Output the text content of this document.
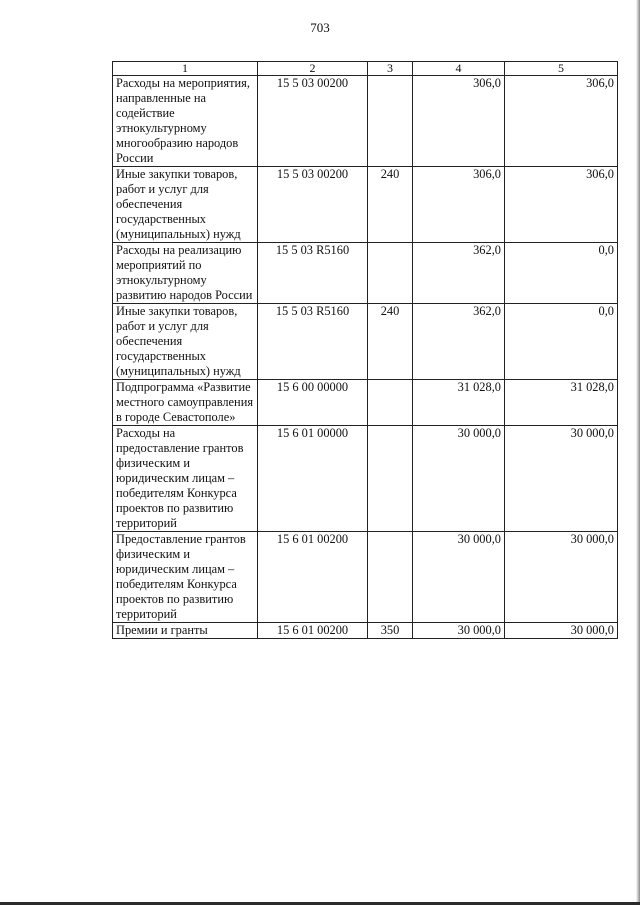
703
1	2	3	4	5
Расходы на мероприятия, направленные на содействие этнокультурному многообразию народов России	15 5 03 00200		306,0	306,0
Иные закупки товаров, работ и услуг для обеспечения государственных (муниципальных) нужд	15 5 03 00200	240	306,0	306,0
Расходы на реализацию мероприятий по этнокультурному развитию народов России	15 5 03 R5160		362,0	0,0
Иные закупки товаров, работ и услуг для обеспечения государственных (муниципальных) нужд	15 5 03 R5160	240	362,0	0,0
Подпрограмма «Развитие местного самоуправления в городе Севастополе»	15 6 00 00000		31 028,0	31 028,0
Расходы на предоставление грантов физическим и юридическим лицам – победителям Конкурса проектов по развитию территорий	15 6 01 00000		30 000,0	30 000,0
Предоставление грантов физическим и юридическим лицам – победителям Конкурса проектов по развитию территорий	15 6 01 00200		30 000,0	30 000,0
Премии и гранты	15 6 01 00200	350	30 000,0	30 000,0
